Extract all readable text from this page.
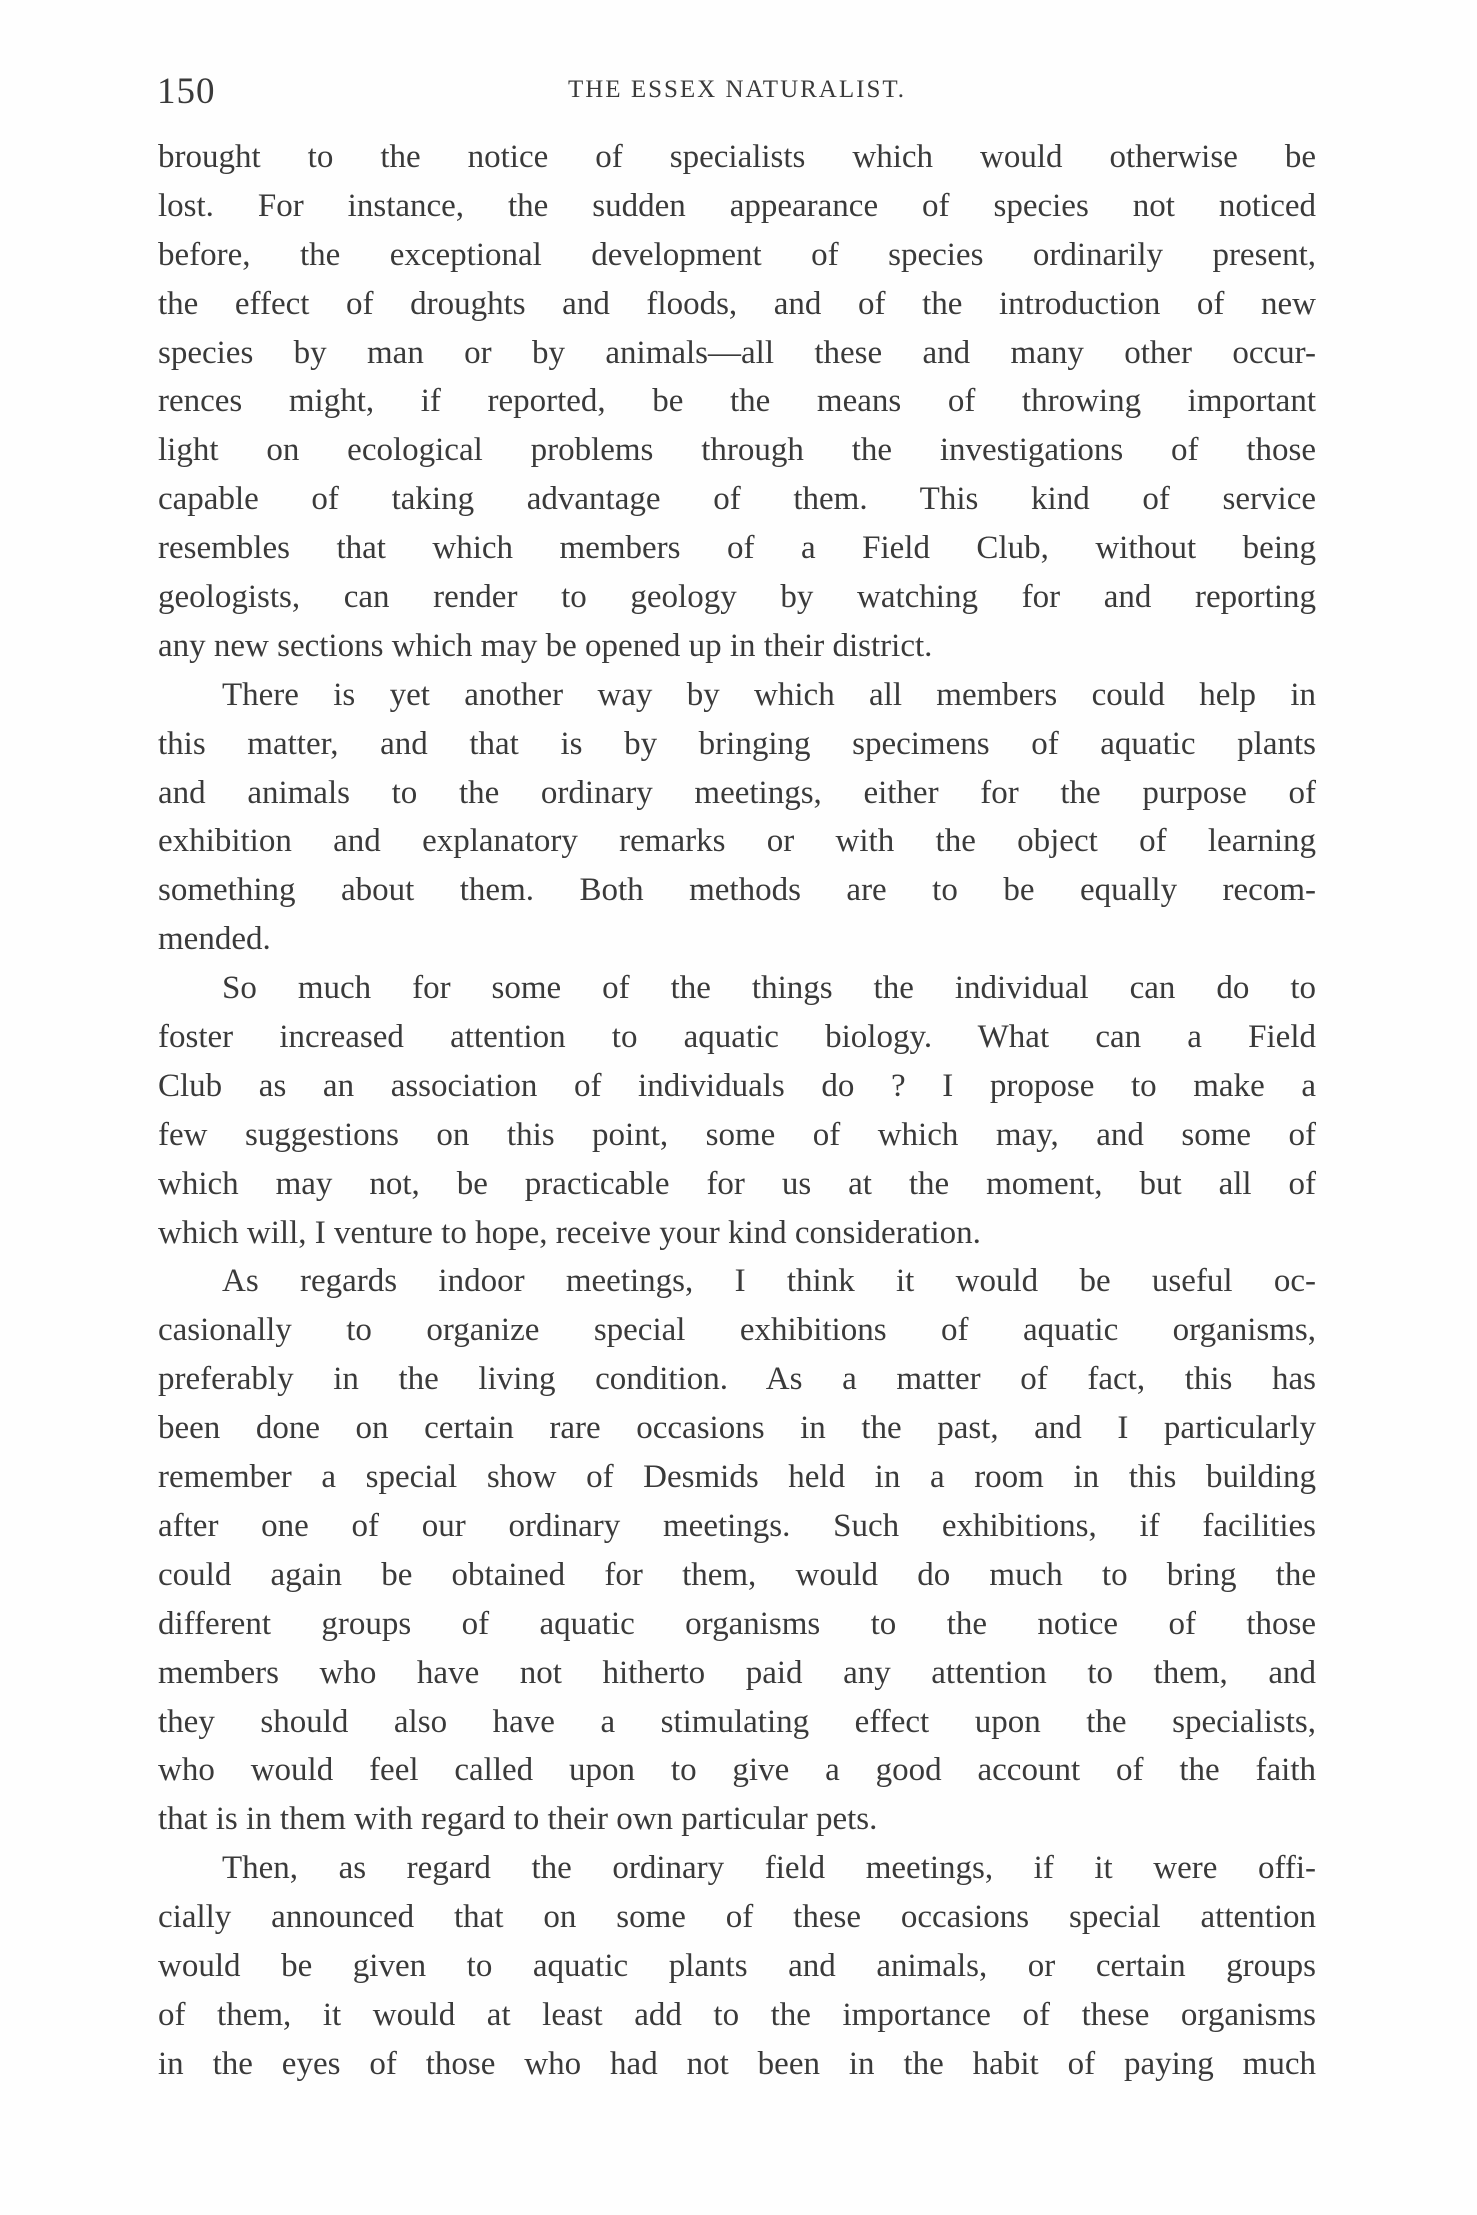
150	THE ESSEX NATURALIST.
brought to the notice of specialists which would otherwise be
lost. For instance, the sudden appearance of species not noticed
before, the exceptional development of species ordinarily present,
the effect of droughts and floods, and of the introduction of new
species by man or by animals—all these and many other occur-
rences might, if reported, be the means of throwing important
light on ecological problems through the investigations of those
capable of taking advantage of them. This kind of service
resembles that which members of a Field Club, without being
geologists, can render to geology by watching for and reporting
any new sections which may be opened up in their district.
There is yet another way by which all members could help in
this matter, and that is by bringing specimens of aquatic plants
and animals to the ordinary meetings, either for the purpose of
exhibition and explanatory remarks or with the object of learning
something about them. Both methods are to be equally recom-
mended.
So much for some of the things the individual can do to
foster increased attention to aquatic biology. What can a Field
Club as an association of individuals do ? I propose to make a
few suggestions on this point, some of which may, and some of
which may not, be practicable for us at the moment, but all of
which will, I venture to hope, receive your kind consideration.
As regards indoor meetings, I think it would be useful oc-
casionally to organize special exhibitions of aquatic organisms,
preferably in the living condition. As a matter of fact, this has
been done on certain rare occasions in the past, and I particularly
remember a special show of Desmids held in a room in this building
after one of our ordinary meetings. Such exhibitions, if facilities
could again be obtained for them, would do much to bring the
different groups of aquatic organisms to the notice of those
members who have not hitherto paid any attention to them, and
they should also have a stimulating effect upon the specialists,
who would feel called upon to give a good account of the faith
that is in them with regard to their own particular pets.
Then, as regard the ordinary field meetings, if it were offi-
cially announced that on some of these occasions special attention
would be given to aquatic plants and animals, or certain groups
of them, it would at least add to the importance of these organisms
in the eyes of those who had not been in the habit of paying much
